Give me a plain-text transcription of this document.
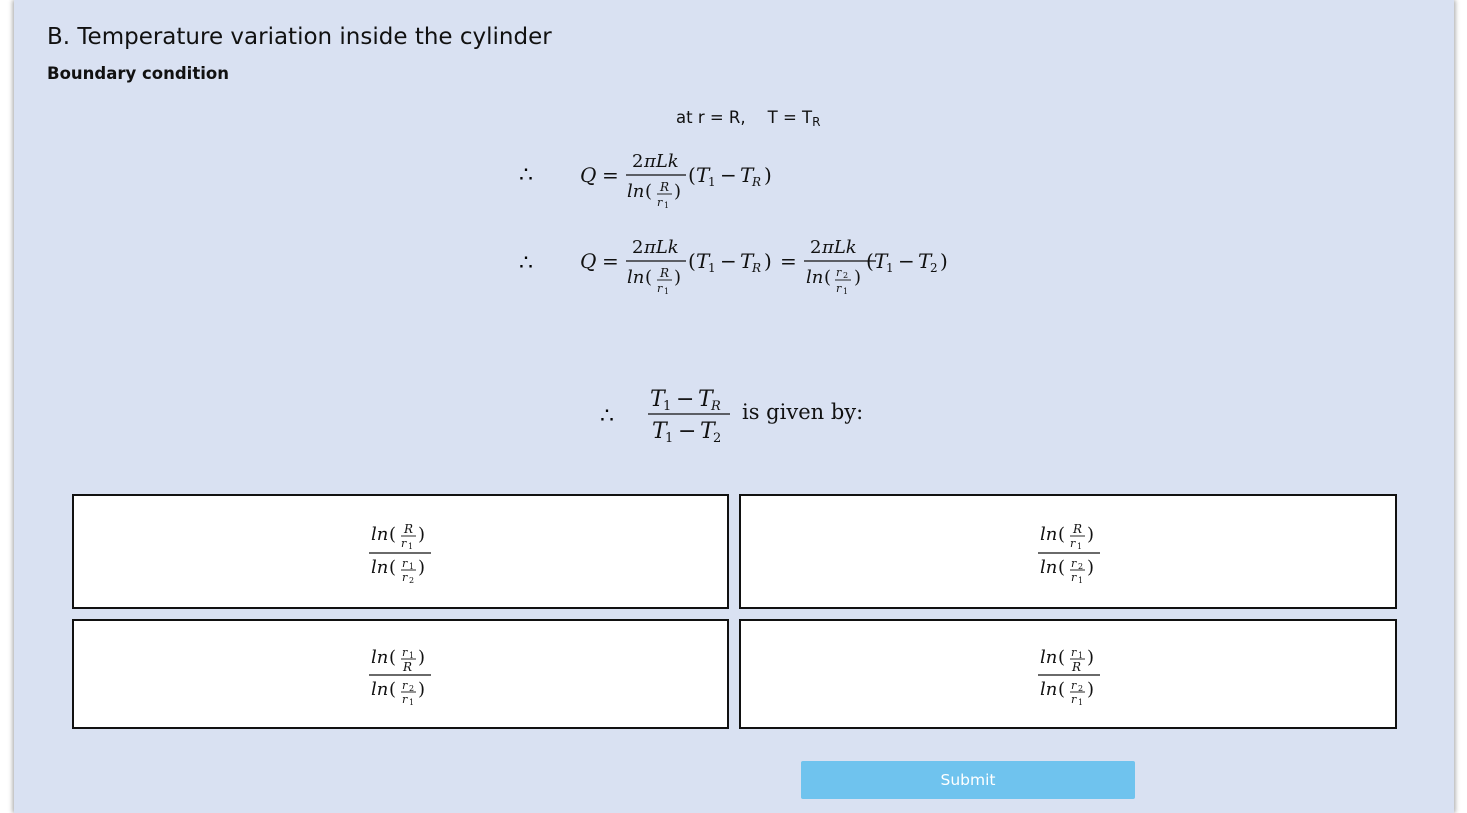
B. Temperature variation inside the cylinder
Boundary condition
at r = R, $T = T_R$
∴ Q =
2 πLk
ln ( R
r 1
)
( T
1 − T
R )
∴ Q =
2 πLk
ln ( R
r 1
)
( T
1 − T
R ) =
2 πLk
ln ( r 2
r 1
)
( T
1 − T
2 )
∴
T
1 − T
R
T
1 − T
2
is given by:
ln ( R
r 1
)
ln ( r 1
r 2
)
ln ( R
r 1
)
ln ( r 2
r 1
)
ln ( r 1
R )
ln ( r 2
r 1
)
ln ( r 1
R )
ln ( r 2
r 1
)
Submit
